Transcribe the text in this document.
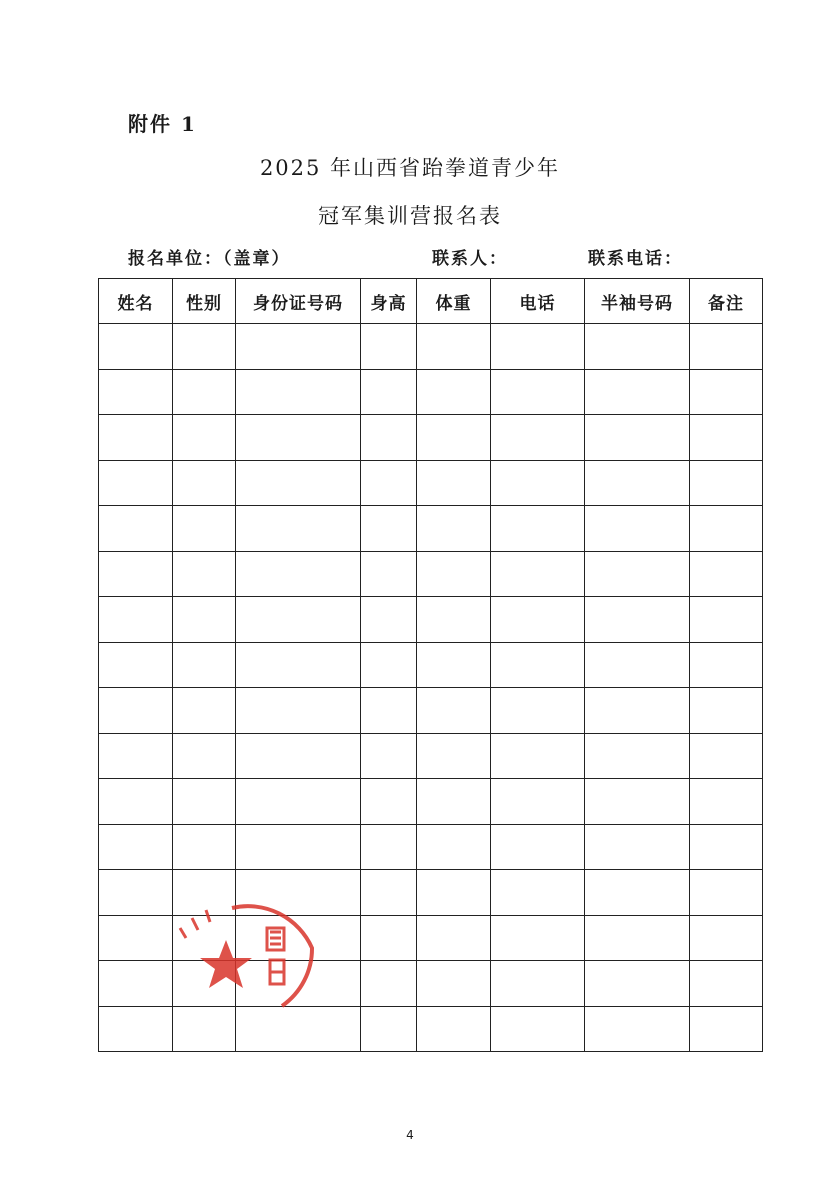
附件 1
2025 年山西省跆拳道青少年
冠军集训营报名表
报名单位：（盖章）	联系人：	联系电话：
姓名	性别	身份证号码	身高	体重	电话	半袖号码	备注

4
